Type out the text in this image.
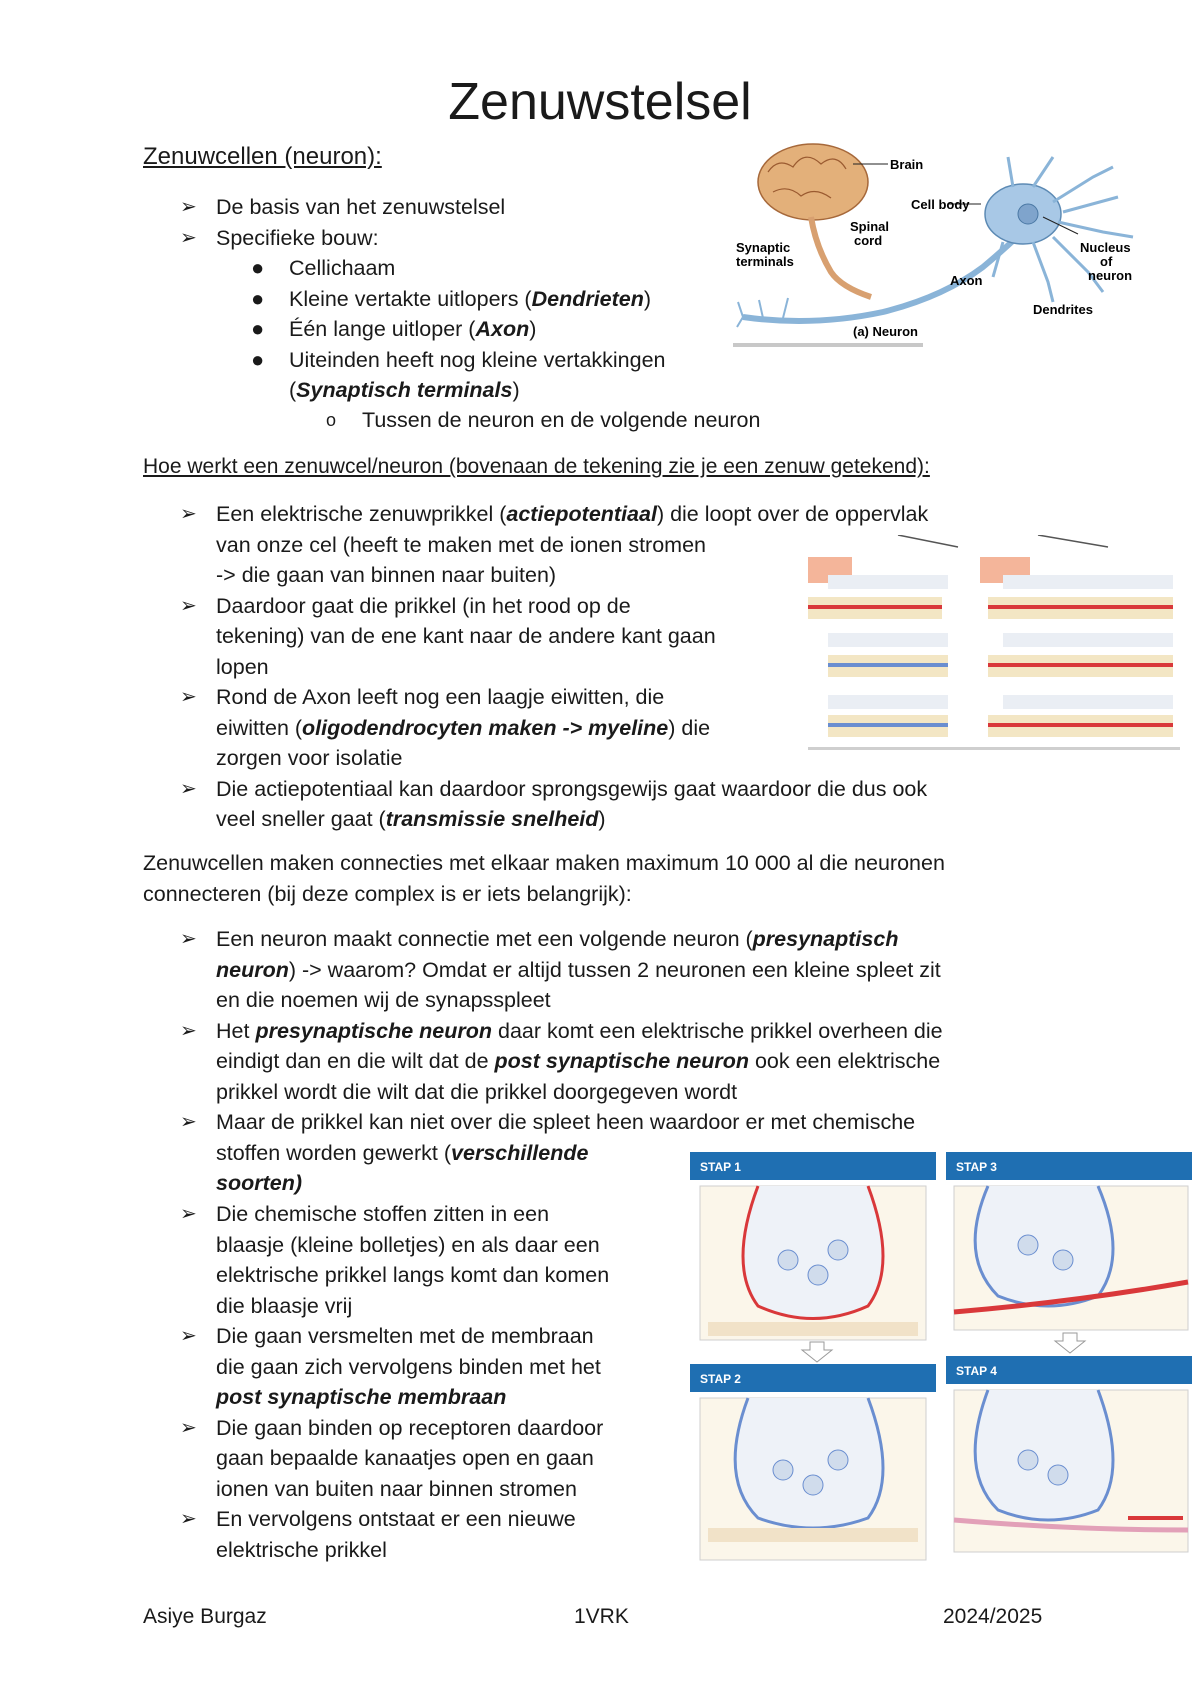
Zenuwstelsel
Zenuwcellen (neuron):
➢ De basis van het zenuwstelsel
➢ Specifieke bouw:
● Cellichaam
● Kleine vertakte uitlopers (Dendrieten)
● Één lange uitloper (Axon)
● Uiteinden heeft nog kleine vertakkingen
(Synaptisch terminals)
o Tussen de neuron en de volgende neuron
Brain
Spinal
cord
Cell body
Synaptic
terminals
Nucleus
of
neuron
Axon
Dendrites
(a) Neuron
Hoe werkt een zenuwcel/neuron (bovenaan de tekening zie je een zenuw getekend):
➢ Een elektrische zenuwprikkel (actiepotentiaal) die loopt over de oppervlak
van onze cel (heeft te maken met de ionen stromen
-> die gaan van binnen naar buiten)
➢ Daardoor gaat die prikkel (in het rood op de
tekening) van de ene kant naar de andere kant gaan
lopen
➢ Rond de Axon leeft nog een laagje eiwitten, die
eiwitten (oligodendrocyten maken -> myeline) die
zorgen voor isolatie
➢ Die actiepotentiaal kan daardoor sprongsgewijs gaat waardoor die dus ook
veel sneller gaat (transmissie snelheid)

Zenuwcellen maken connecties met elkaar maken maximum 10 000 al die neuronen
connecteren (bij deze complex is er iets belangrijk):

➢ Een neuron maakt connectie met een volgende neuron (presynaptisch
neuron) -> waarom? Omdat er altijd tussen 2 neuronen een kleine spleet zit
en die noemen wij de synapsspleet
➢ Het presynaptische neuron daar komt een elektrische prikkel overheen die
eindigt dan en die wilt dat de post synaptische neuron ook een elektrische
prikkel wordt die wilt dat die prikkel doorgegeven wordt
➢ Maar de prikkel kan niet over die spleet heen waardoor er met chemische
stoffen worden gewerkt (verschillende
soorten)
➢ Die chemische stoffen zitten in een
blaasje (kleine bolletjes) en als daar een
elektrische prikkel langs komt dan komen
die blaasje vrij
➢ Die gaan versmelten met de membraan
die gaan zich vervolgens binden met het
post synaptische membraan
➢ Die gaan binden op receptoren daardoor
gaan bepaalde kanaatjes open en gaan
ionen van buiten naar binnen stromen
➢ En vervolgens ontstaat er een nieuwe
elektrische prikkel
STAP 1	STAP 3
STAP 2
STAP 4
Asiye Burgaz	1VRK	2024/2025
